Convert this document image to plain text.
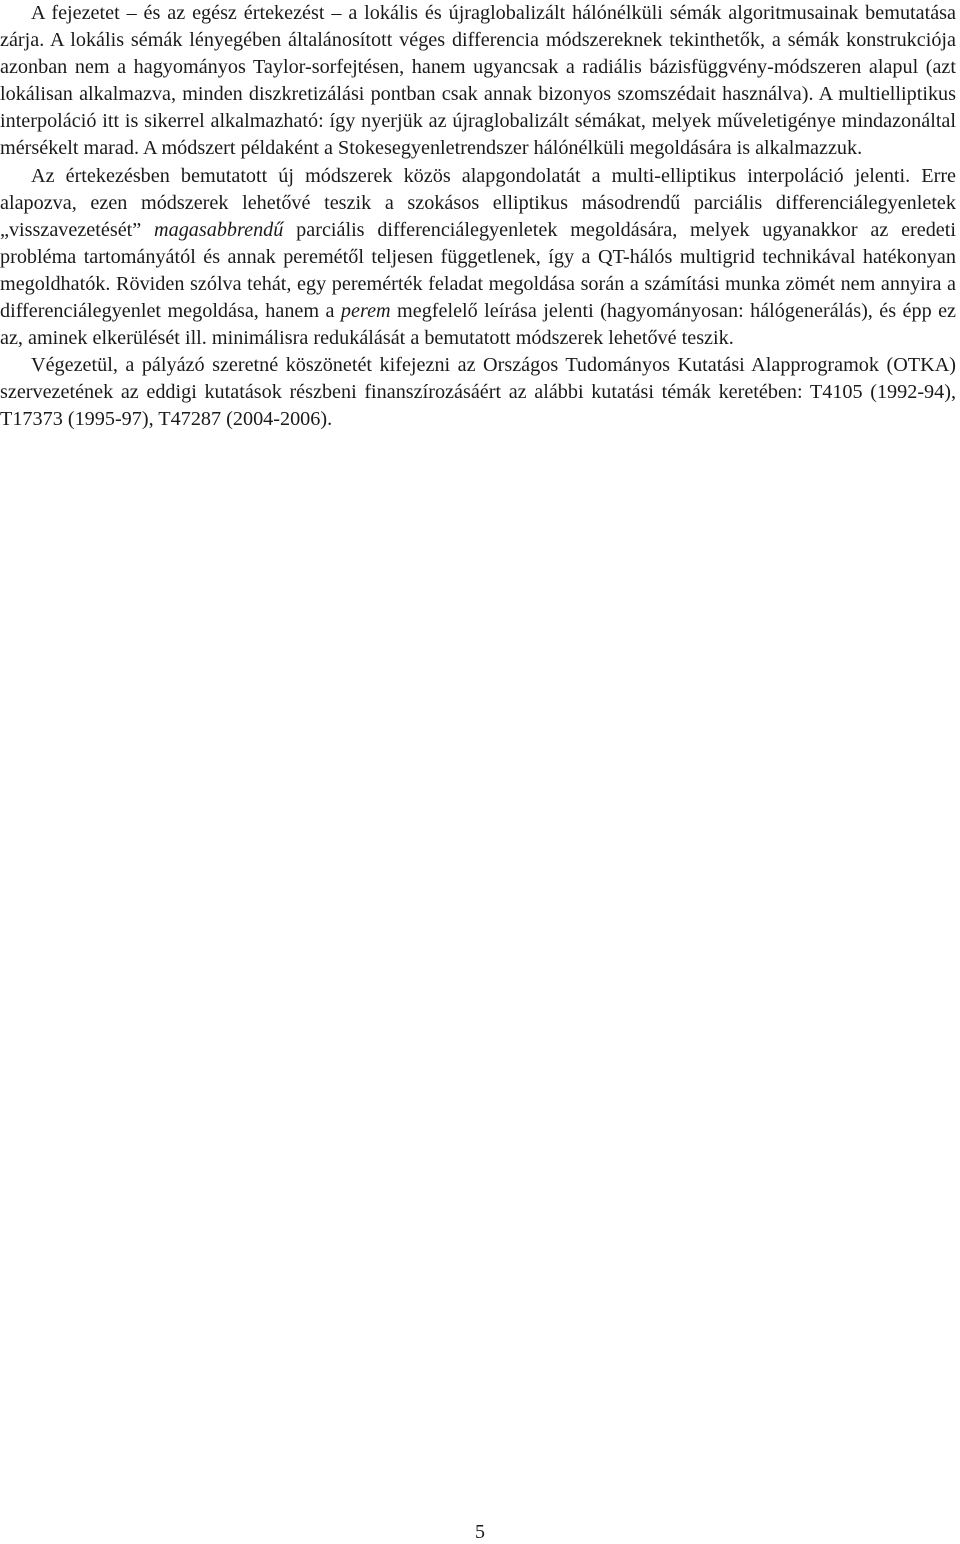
A fejezetet – és az egész értekezést – a lokális és újraglobalizált hálónélküli sémák algoritmusainak bemutatása zárja. A lokális sémák lényegében általánosított véges differencia módszereknek tekinthetők, a sémák konstrukciója azonban nem a hagyományos Taylor-sorfejtésen, hanem ugyancsak a radiális bázisfüggvény-módszeren alapul (azt lokálisan alkalmazva, minden diszkretizálási pontban csak annak bizonyos szomszédait használva). A multielliptikus interpoláció itt is sikerrel alkalmazható: így nyerjük az újraglobalizált sémákat, melyek műveletigénye mindazonáltal mérsékelt marad. A módszert példaként a Stokesegyenletrendszer hálónélküli megoldására is alkalmazzuk.

Az értekezésben bemutatott új módszerek közös alapgondolatát a multi-elliptikus interpoláció jelenti. Erre alapozva, ezen módszerek lehetővé teszik a szokásos elliptikus másodrendű parciális differenciálegyenletek „visszavezetését” magasabbrendű parciális differenciálegyenletek megoldására, melyek ugyanakkor az eredeti probléma tartományától és annak peremétől teljesen függetlenek, így a QT-hálós multigrid technikával hatékonyan megoldhatók. Röviden szólva tehát, egy peremérték feladat megoldása során a számítási munka zömét nem annyira a differenciálegyenlet megoldása, hanem a perem megfelelő leírása jelenti (hagyományosan: hálógenerálás), és épp ez az, aminek elkerülését ill. minimálisra redukálását a bemutatott módszerek lehetővé teszik.

Végezetül, a pályázó szeretné köszönetét kifejezni az Országos Tudományos Kutatási Alapprogramok (OTKA) szervezetének az eddigi kutatások részbeni finanszírozásáért az alábbi kutatási témák keretében: T4105 (1992-94), T17373 (1995-97), T47287 (2004-2006).

5
